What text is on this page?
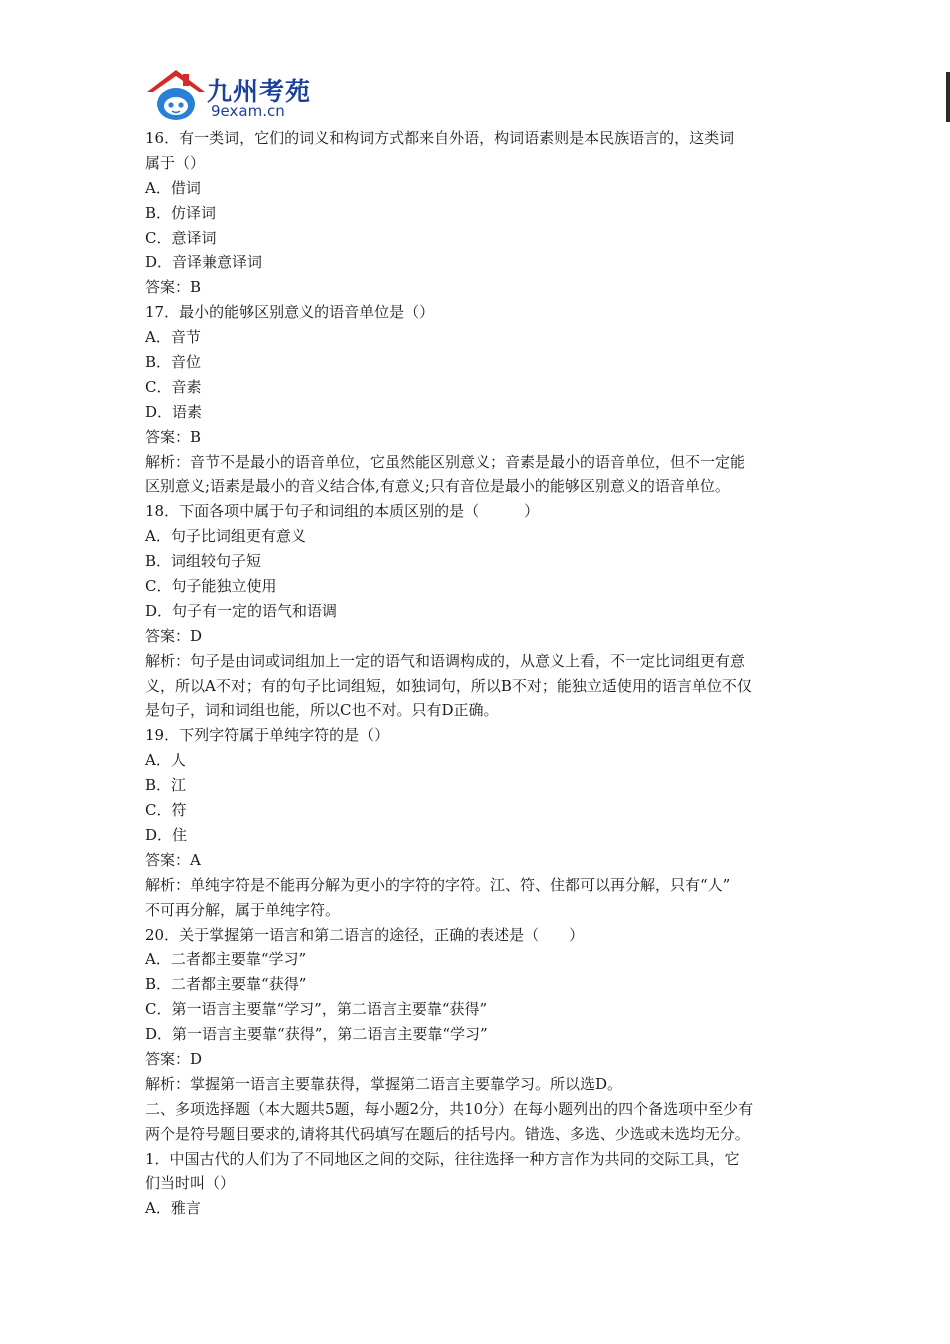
九州考苑
9exam.cn
16．有一类词，它们的词义和构词方式都来自外语，构词语素则是本民族语言的，这类词
属于（）
A．借词
B．仿译词
C．意译词
D．音译兼意译词
答案：B
17．最小的能够区别意义的语音单位是（）
A．音节
B．音位
C．音素
D．语素
答案：B
解析：音节不是最小的语音单位，它虽然能区别意义；音素是最小的语音单位，但不一定能
区别意义;语素是最小的音义结合体,有意义;只有音位是最小的能够区别意义的语音单位。
18．下面各项中属于句子和词组的本质区别的是（　　　）
A．句子比词组更有意义
B．词组较句子短
C．句子能独立使用
D．句子有一定的语气和语调
答案：D
解析：句子是由词或词组加上一定的语气和语调构成的，从意义上看，不一定比词组更有意
义，所以A不对；有的句子比词组短，如独词句，所以B不对；能独立适使用的语言单位不仅
是句子，词和词组也能，所以C也不对。只有D正确。
19．下列字符属于单纯字符的是（）
A．人
B．江
C．符
D．住
答案：A
解析：单纯字符是不能再分解为更小的字符的字符。江、符、住都可以再分解，只有“人”
不可再分解，属于单纯字符。
20．关于掌握第一语言和第二语言的途径，正确的表述是（　　）
A．二者都主要靠“学习”
B．二者都主要靠“获得”
C．第一语言主要靠“学习”，第二语言主要靠“获得”
D．第一语言主要靠“获得”，第二语言主要靠“学习”
答案：D
解析：掌握第一语言主要靠获得，掌握第二语言主要靠学习。所以选D。
二、多项选择题（本大题共5题，每小题2分，共10分）在每小题列出的四个备选项中至少有
两个是符号题目要求的,请将其代码填写在题后的括号内。错选、多选、少选或未选均无分。
1．中国古代的人们为了不同地区之间的交际，往往选择一种方言作为共同的交际工具，它
们当时叫（）
A．雅言
